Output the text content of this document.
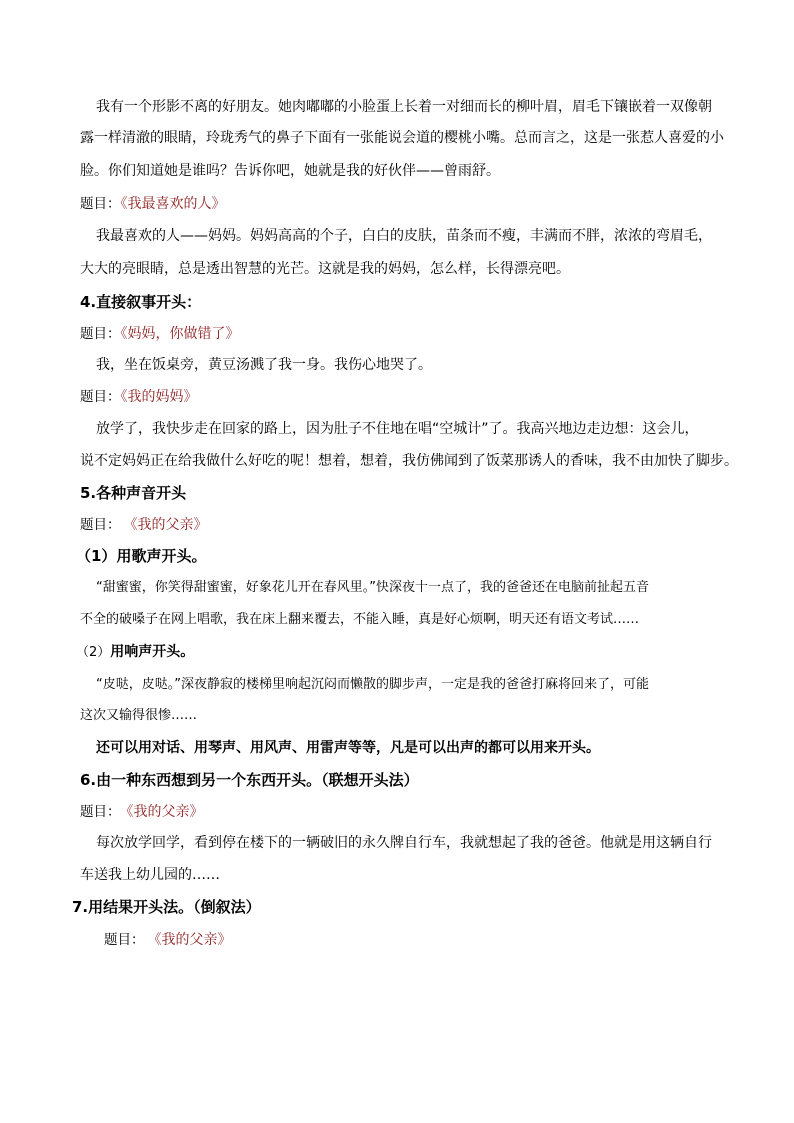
我有一个形影不离的好朋友。她肉嘟嘟的小脸蛋上长着一对细而长的柳叶眉，眉毛下镶嵌着一双像朝
露一样清澈的眼睛，玲珑秀气的鼻子下面有一张能说会道的樱桃小嘴。总而言之，这是一张惹人喜爱的小
脸。你们知道她是谁吗？告诉你吧，她就是我的好伙伴——曾雨舒。
题目：《我最喜欢的人》
我最喜欢的人——妈妈。妈妈高高的个子，白白的皮肤，苗条而不瘦，丰满而不胖，浓浓的弯眉毛，
大大的亮眼睛，总是透出智慧的光芒。这就是我的妈妈，怎么样，长得漂亮吧。
4.直接叙事开头：
题目：《妈妈，你做错了》
我，坐在饭桌旁，黄豆汤溅了我一身。我伤心地哭了。
题目：《我的妈妈》
放学了，我快步走在回家的路上，因为肚子不住地在唱“空城计”了。我高兴地边走边想：这会儿，
说不定妈妈正在给我做什么好吃的呢！想着，想着，我仿佛闻到了饭菜那诱人的香味，我不由加快了脚步。
5.各种声音开头
题目： 《我的父亲》
（1）用歌声开头。
“甜蜜蜜，你笑得甜蜜蜜，好象花儿开在春风里。”快深夜十一点了，我的爸爸还在电脑前扯起五音
不全的破嗓子在网上唱歌，我在床上翻来覆去，不能入睡，真是好心烦啊，明天还有语文考试……
（2）用响声开头。
“皮哒，皮哒。”深夜静寂的楼梯里响起沉闷而懒散的脚步声，一定是我的爸爸打麻将回来了，可能
这次又输得很惨……
还可以用对话、用琴声、用风声、用雷声等等，凡是可以出声的都可以用来开头。
6.由一种东西想到另一个东西开头。（联想开头法）
题目： 《我的父亲》
每次放学回学，看到停在楼下的一辆破旧的永久牌自行车，我就想起了我的爸爸。他就是用这辆自行
车送我上幼儿园的……
7.用结果开头法。（倒叙法）
题目： 《我的父亲》
